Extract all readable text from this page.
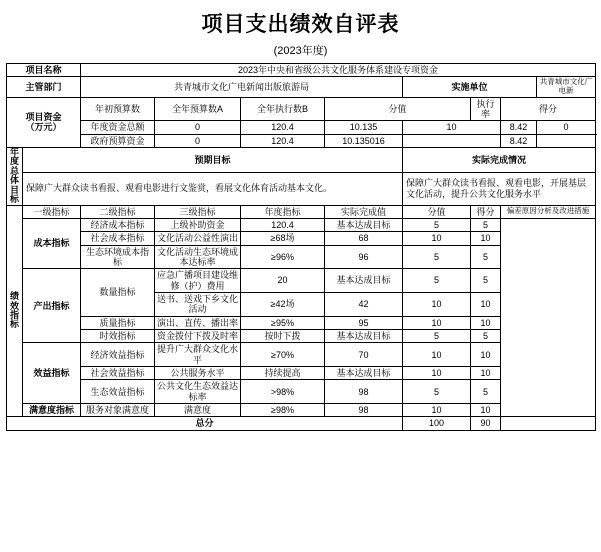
项目支出绩效自评表
(2023年度)
项目名称		2023年中央和省级公共文化服务体系建设专项资金							
主管部门		共青城市文化广电新闻出版旅游局				实施单位			共青城市文化广电新

项目资金
（万元）		年初预算数	全年预算数A	全年执行数B	分值		执行率	得分	
		年度资金总额	0	120.4	10.135	10		8.42	0
		政府预算资金	0	120.4	10.135016			8.42	

年度总体目标	预期目标					实际完成情况			
	保障广大群众读书看报、观看电影进行文鉴赏，看展文化体育活动基本文化。					保障广大群众读书看报、观看电影，开展基层文化活动，提升公共文化服务水平			

绩效指标	一级指标	二级指标	三级指标	年度指标	实际完成值	分值	得分	偏差原因分析及改进措施	
	成本指标	经济成本指标	上级补助资金	120.4	基本达成目标	5	5		
		社会成本指标	文化活动公益性演出	≥68场	68	10	10		
		生态环境成本指标	文化活动生态环境成本达标率	≥96%	96	5	5		
	产出指标	数量指标	应急广播项目建设维修（护）费用	20	基本达成目标	5	5		
			送书、送戏下乡文化活动	≥42场	42	10	10		
		质量指标	演出、直传、播出率	≥95%	95	10	10		
		时效指标	资金拨付下拨及时率	按时下拨	基本达成目标	5	5		
	效益指标	经济效益指标	提升广大群众文化水平	≥70%	70	10	10		
		社会效益指标	公共服务水平	持续提高	基本达成目标	10	10		
		生态效益指标	公共文化生态效益达标率	>98%	98	5	5		
	满意度指标	服务对象满意度	满意度	≥98%	98	10	10		
总分						100	90		
